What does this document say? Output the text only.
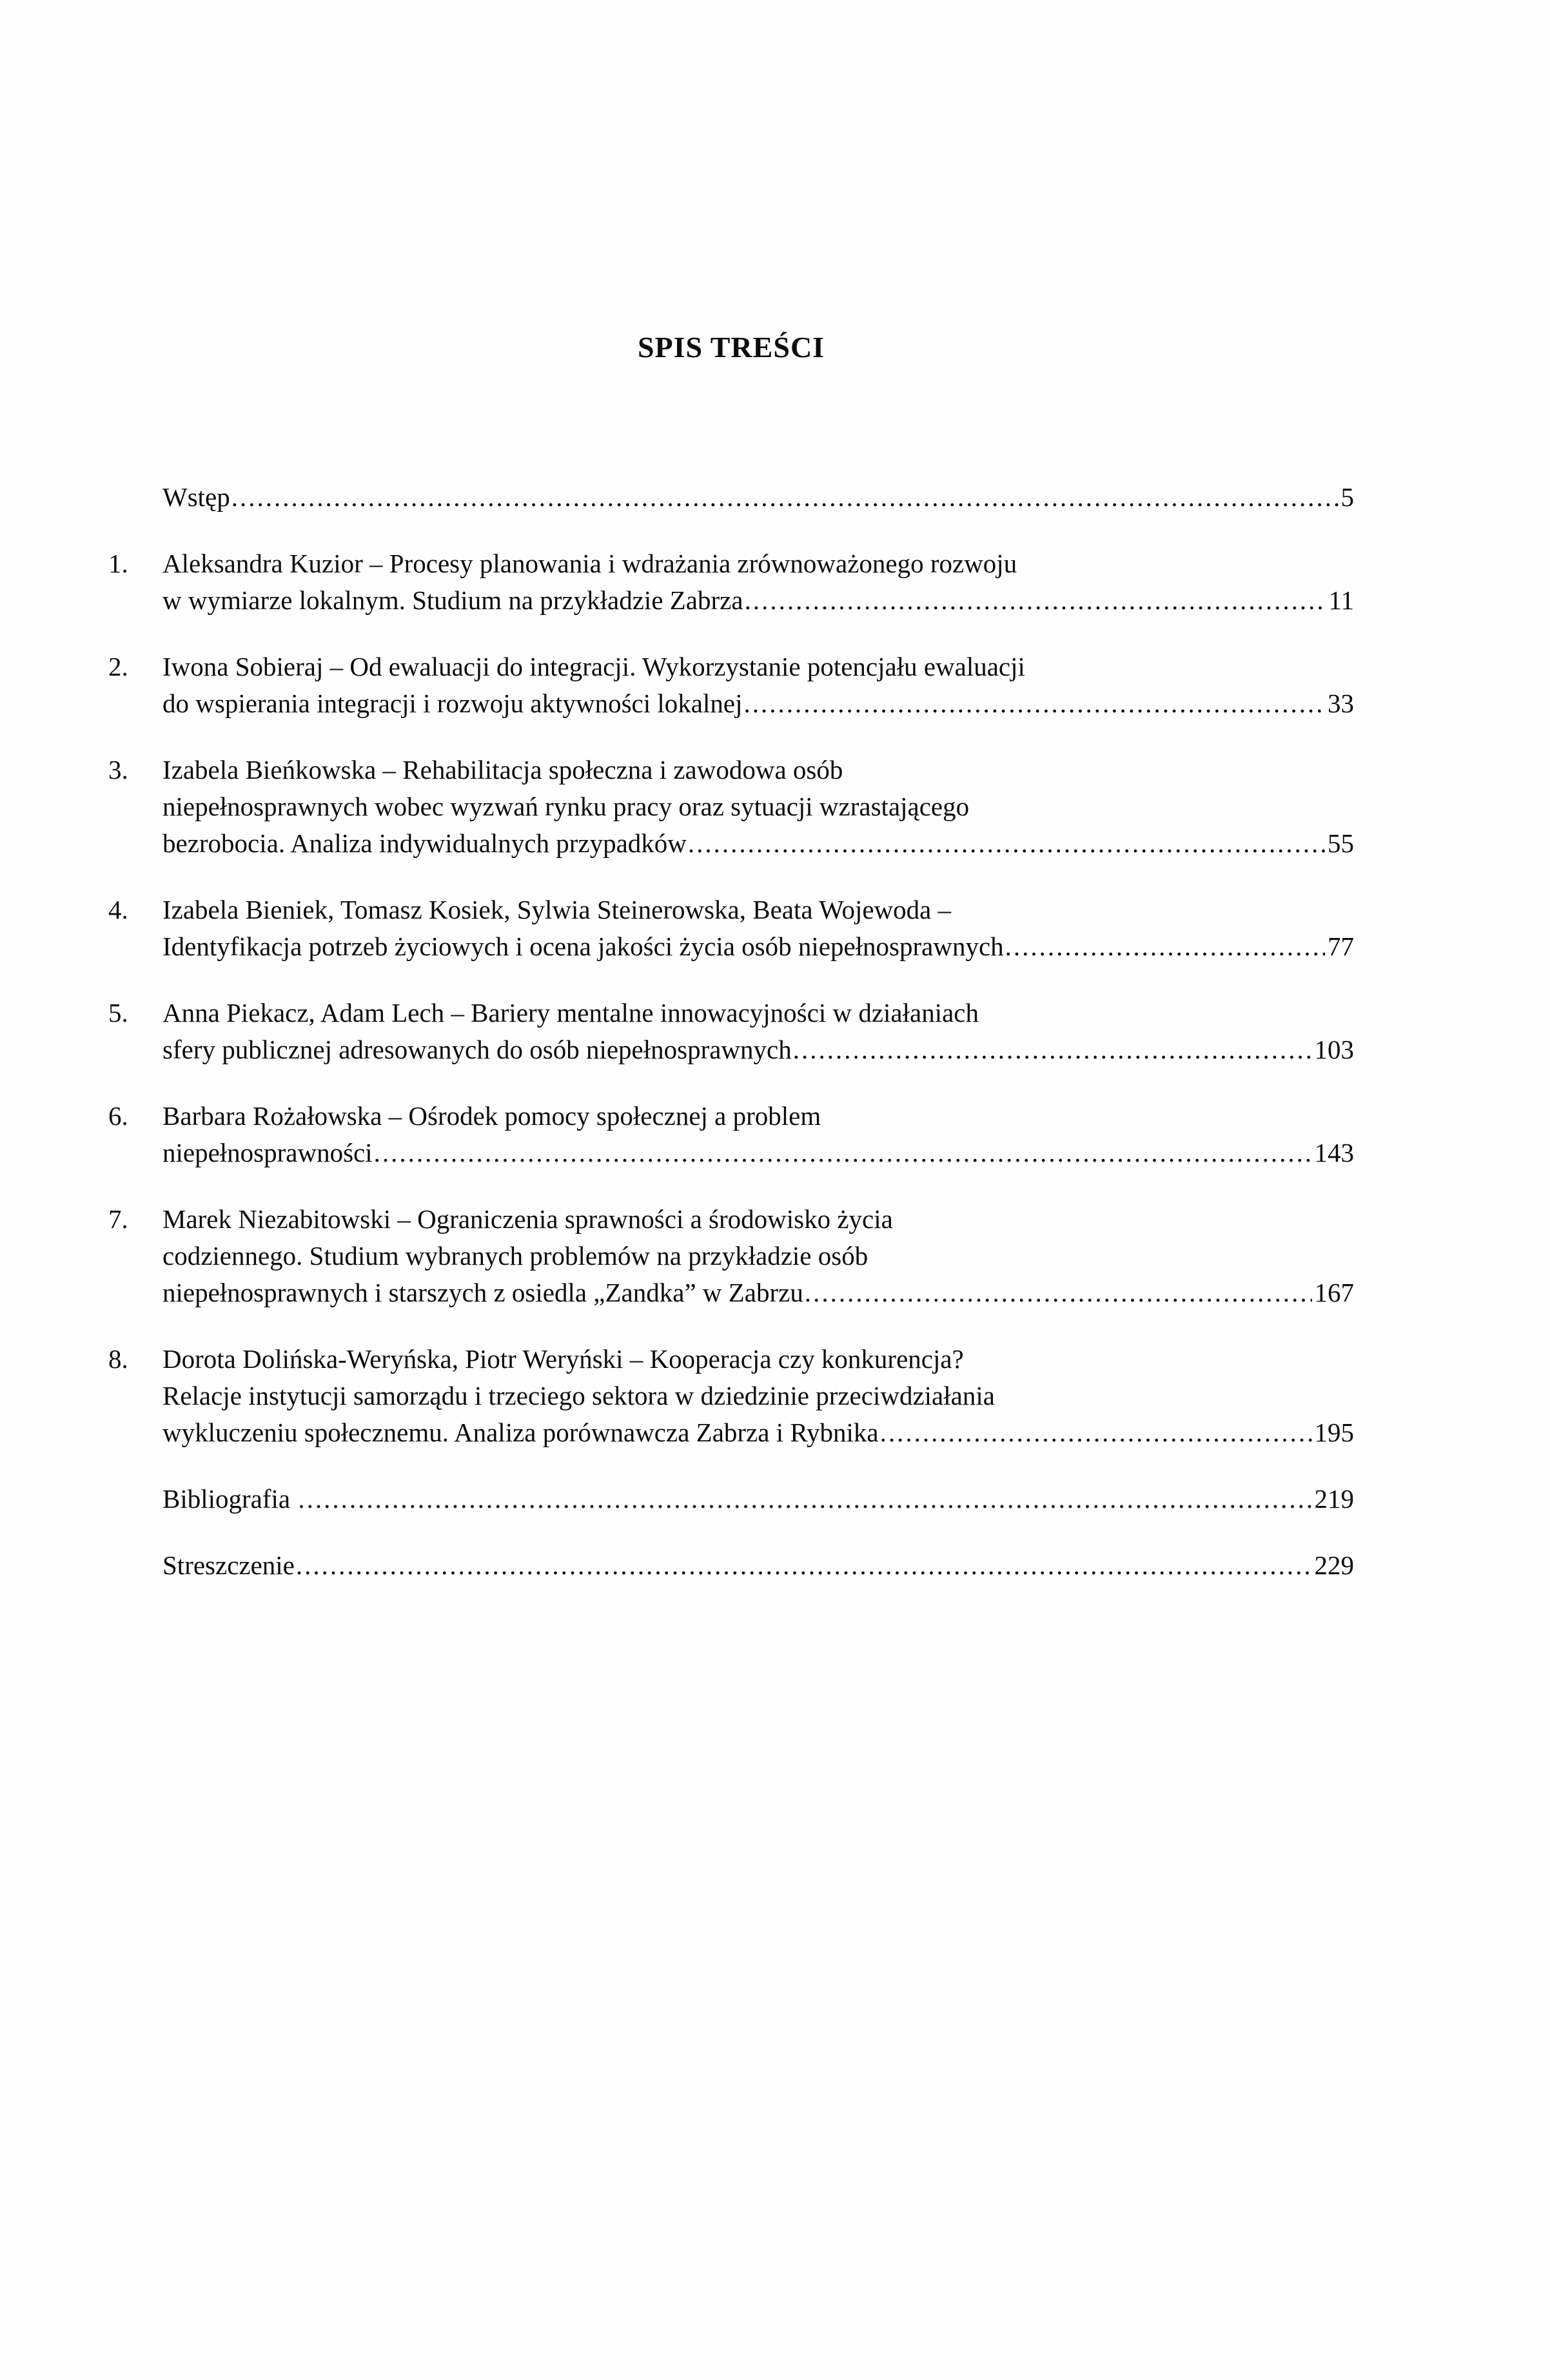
SPIS TREŚCI
Wstęp .....	5
1.	Aleksandra Kuzior – Procesy planowania i wdrażania zrównoważonego rozwoju
w wymiarze lokalnym. Studium na przykładzie Zabrza .....	11
2.	Iwona Sobieraj – Od ewaluacji do integracji. Wykorzystanie potencjału ewaluacji
do wspierania integracji i rozwoju aktywności lokalnej .....	33
3.	Izabela Bieńkowska – Rehabilitacja społeczna i zawodowa osób
niepełnosprawnych wobec wyzwań rynku pracy oraz sytuacji wzrastającego
bezrobocia. Analiza indywidualnych przypadków .....	55
4.	Izabela Bieniek, Tomasz Kosiek, Sylwia Steinerowska, Beata Wojewoda –
Identyfikacja potrzeb życiowych i ocena jakości życia osób niepełnosprawnych .....	77
5.	Anna Piekacz, Adam Lech – Bariery mentalne innowacyjności w działaniach
sfery publicznej adresowanych do osób niepełnosprawnych .....	103
6.	Barbara Rożałowska – Ośrodek pomocy społecznej a problem
niepełnosprawności .....	143
7.	Marek Niezabitowski – Ograniczenia sprawności a środowisko życia
codziennego. Studium wybranych problemów na przykładzie osób
niepełnosprawnych i starszych z osiedla „Zandka” w Zabrzu .....	167
8.	Dorota Dolińska-Weryńska, Piotr Weryński – Kooperacja czy konkurencja?
Relacje instytucji samorządu i trzeciego sektora w dziedzinie przeciwdziałania
wykluczeniu społecznemu. Analiza porównawcza Zabrza i Rybnika .....	195
Bibliografia .....	219
Streszczenie .....	229
